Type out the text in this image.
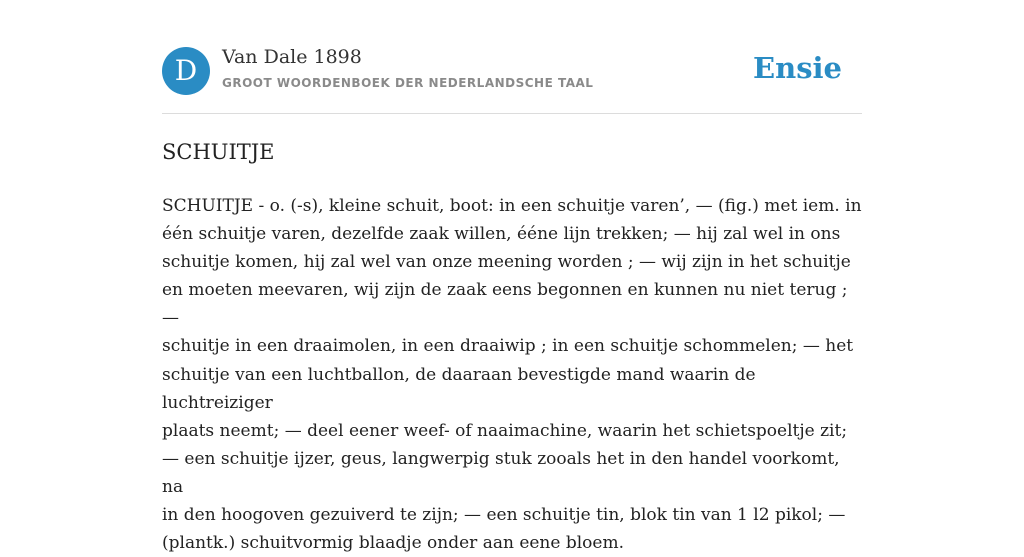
D	Van Dale 1898
GROOT WOORDENBOEK DER NEDERLANDSCHE TAAL	Ensie
SCHUITJE

SCHUITJE - o. (-s), kleine schuit, boot: in een schuitje varen’, — (fig.) met iem. in
één schuitje varen, dezelfde zaak willen, ééne lijn trekken; — hij zal wel in ons
schuitje komen, hij zal wel van onze meening worden ; — wij zijn in het schuitje
en moeten meevaren, wij zijn de zaak eens begonnen en kunnen nu niet terug ; —
schuitje in een draaimolen, in een draaiwip ; in een schuitje schommelen; — het
schuitje van een luchtballon, de daaraan bevestigde mand waarin de luchtreiziger
plaats neemt; — deel eener weef- of naaimachine, waarin het schietspoeltje zit;
— een schuitje ijzer, geus, langwerpig stuk zooals het in den handel voorkomt, na
in den hoogoven gezuiverd te zijn; — een schuitje tin, blok tin van 1 l2 pikol; —
(plantk.) schuitvormig blaadje onder aan eene bloem.
